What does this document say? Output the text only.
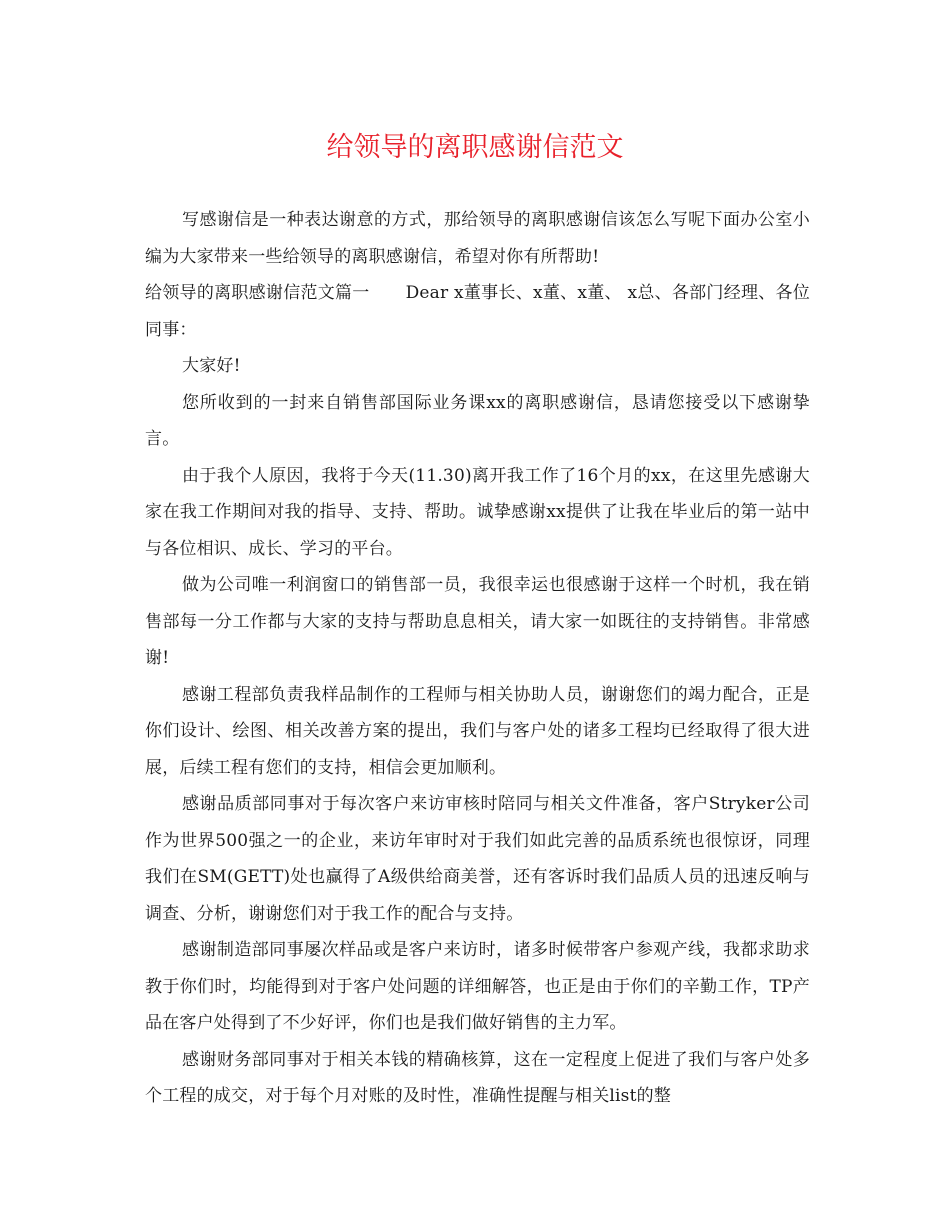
给领导的离职感谢信范文

写感谢信是一种表达谢意的方式，那给领导的离职感谢信该怎么写呢下面办公室小编为大家带来一些给领导的离职感谢信，希望对你有所帮助!

给领导的离职感谢信范文篇一 Dear x董事长、x董、x董、 x总、各部门经理、各位同事：

大家好!

您所收到的一封来自销售部国际业务课xx的离职感谢信，恳请您接受以下感谢挚言。

由于我个人原因，我将于今天(11.30)离开我工作了16个月的xx，在这里先感谢大家在我工作期间对我的指导、支持、帮助。诚挚感谢xx提供了让我在毕业后的第一站中与各位相识、成长、学习的平台。

做为公司唯一利润窗口的销售部一员，我很幸运也很感谢于这样一个时机，我在销售部每一分工作都与大家的支持与帮助息息相关，请大家一如既往的支持销售。非常感谢!

感谢工程部负责我样品制作的工程师与相关协助人员，谢谢您们的竭力配合，正是你们设计、绘图、相关改善方案的提出，我们与客户处的诸多工程均已经取得了很大进展，后续工程有您们的支持，相信会更加顺利。

感谢品质部同事对于每次客户来访审核时陪同与相关文件准备，客户Stryker公司作为世界500强之一的企业，来访年审时对于我们如此完善的品质系统也很惊讶，同理我们在SM(GETT)处也赢得了A级供给商美誉，还有客诉时我们品质人员的迅速反响与调查、分析，谢谢您们对于我工作的配合与支持。

感谢制造部同事屡次样品或是客户来访时，诸多时候带客户参观产线，我都求助求教于你们时，均能得到对于客户处问题的详细解答，也正是由于你们的辛勤工作，TP产品在客户处得到了不少好评，你们也是我们做好销售的主力军。

感谢财务部同事对于相关本钱的精确核算，这在一定程度上促进了我们与客户处多个工程的成交，对于每个月对账的及时性，准确性提醒与相关list的整
